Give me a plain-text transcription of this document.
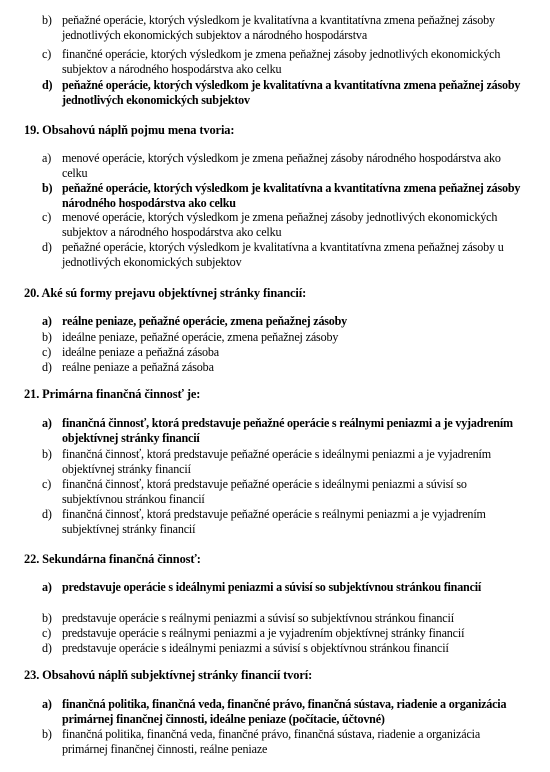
b) peňažné operácie, ktorých výsledkom je kvalitatívna a kvantitatívna zmena peňažnej zásoby jednotlivých ekonomických subjektov a národného hospodárstva
c) finančné operácie, ktorých výsledkom je zmena peňažnej zásoby jednotlivých ekonomických subjektov a národného hospodárstva ako celku
d) peňažné operácie, ktorých výsledkom je kvalitatívna a kvantitatívna zmena peňažnej zásoby jednotlivých ekonomických subjektov
19. Obsahovú náplň pojmu mena tvoria:
a) menové operácie, ktorých výsledkom je zmena peňažnej zásoby národného hospodárstva ako celku
b) peňažné operácie, ktorých výsledkom je kvalitatívna a kvantitatívna zmena peňažnej zásoby národného hospodárstva ako celku
c) menové operácie, ktorých výsledkom je zmena peňažnej zásoby jednotlivých ekonomických subjektov a národného hospodárstva ako celku
d) peňažné operácie, ktorých výsledkom je kvalitatívna a kvantitatívna zmena peňažnej zásoby u jednotlivých ekonomických subjektov
20. Aké sú formy prejavu objektívnej stránky financií:
a) reálne peniaze, peňažné operácie, zmena peňažnej zásoby
b) ideálne peniaze, peňažné operácie, zmena peňažnej zásoby
c) ideálne peniaze a peňažná zásoba
d) reálne peniaze a peňažná zásoba
21. Primárna finančná činnosť je:
a) finančná činnosť, ktorá predstavuje peňažné operácie s reálnymi peniazmi a je vyjadrením objektívnej stránky financií
b) finančná činnosť, ktorá predstavuje peňažné operácie s ideálnymi peniazmi a je vyjadrením objektívnej stránky financií
c) finančná činnosť, ktorá predstavuje peňažné operácie s ideálnymi peniazmi a súvisí so subjektívnou stránkou financií
d) finančná činnosť, ktorá predstavuje peňažné operácie s reálnymi peniazmi a je vyjadrením subjektívnej stránky financií
22. Sekundárna finančná činnosť:
a) predstavuje operácie s ideálnymi peniazmi a súvisí so subjektívnou stránkou financií
b) predstavuje operácie s reálnymi peniazmi a súvisí so subjektívnou stránkou financií
c) predstavuje operácie s reálnymi peniazmi a je vyjadrením objektívnej stránky financií
d) predstavuje operácie s ideálnymi peniazmi a súvisí s objektívnou stránkou financií
23. Obsahovú náplň subjektívnej stránky financií tvorí:
a) finančná politika, finančná veda, finančné právo, finančná sústava, riadenie a organizácia primárnej finančnej činnosti, ideálne peniaze (počítacie, účtovné)
b) finančná politika, finančná veda, finančné právo, finančná sústava, riadenie a organizácia primárnej finančnej činnosti, reálne peniaze
